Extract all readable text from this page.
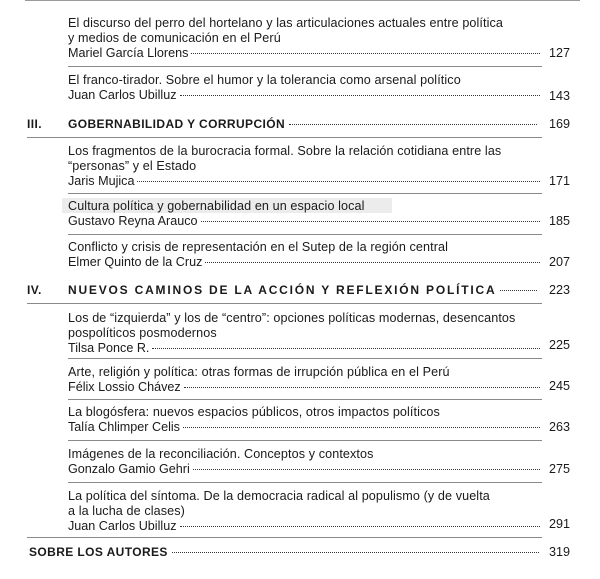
El discurso del perro del hortelano y las articulaciones actuales entre política
y medios de comunicación en el Perú
Mariel García Llorens	127
El franco-tirador. Sobre el humor y la tolerancia como arsenal político
Juan Carlos Ubilluz	143
III.	GOBERNABILIDAD Y CORRUPCIÓN	169
Los fragmentos de la burocracia formal. Sobre la relación cotidiana entre las
“personas” y el Estado
Jaris Mujica	171
Cultura política y gobernabilidad en un espacio local
Gustavo Reyna Arauco	185
Conflicto y crisis de representación en el Sutep de la región central
Elmer Quinto de la Cruz	207
IV.	NUEVOS CAMINOS DE LA ACCIÓN Y REFLEXIÓN POLÍTICA	223
Los de “izquierda” y los de “centro”: opciones políticas modernas, desencantos
pospolíticos posmodernos
Tilsa Ponce R.	225
Arte, religión y política: otras formas de irrupción pública en el Perú
Félix Lossio Chávez	245
La blogósfera: nuevos espacios públicos, otros impactos políticos
Talía Chlimper Celis	263
Imágenes de la reconciliación. Conceptos y contextos
Gonzalo Gamio Gehri	275
La política del síntoma. De la democracia radical al populismo (y de vuelta
a la lucha de clases)
Juan Carlos Ubilluz	291
SOBRE LOS AUTORES	319
